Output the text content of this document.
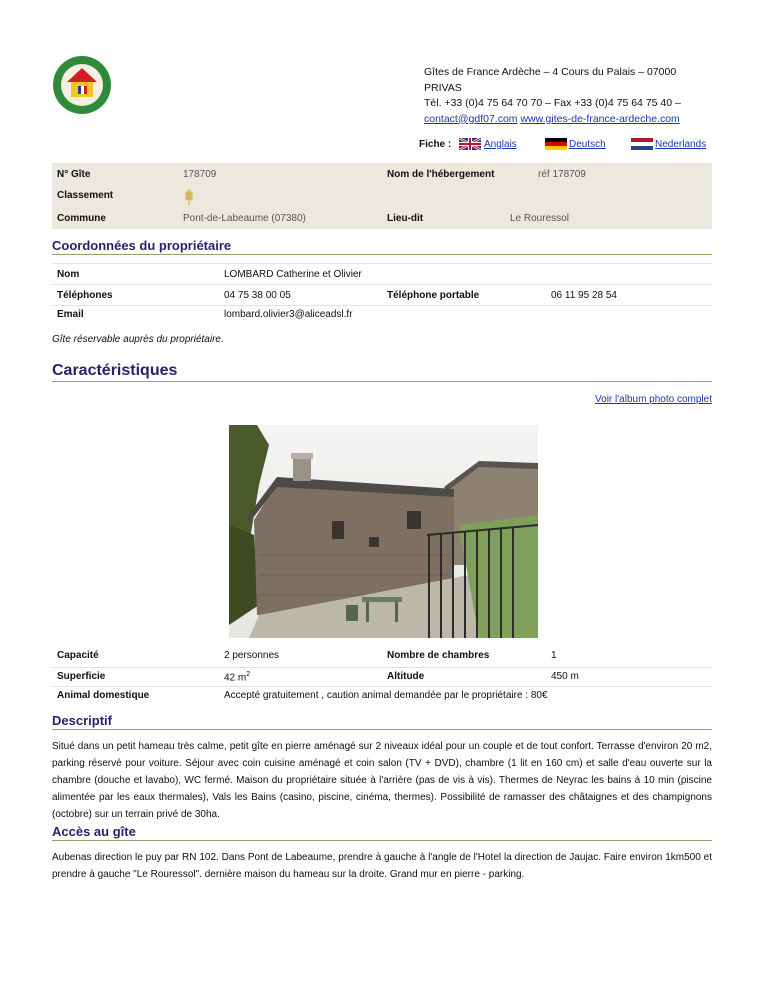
Gîtes de France Ardèche – 4 Cours du Palais – 07000
PRIVAS
Tél. +33 (0)4 75 64 70 70 – Fax +33 (0)4 75 64 75 40 –
contact@gdf07.com www.gites-de-france-ardeche.com
Fiche :	Anglais	Deutsch	Nederlands
N° Gîte	178709	Nom de l'hébergement	réf 178709
Classement
Commune	Pont-de-Labeaume (07380)	Lieu-dit	Le Rouressol
Coordonnées du propriétaire
Nom	LOMBARD Catherine et Olivier
Téléphones	04 75 38 00 05	Téléphone portable	06 11 95 28 54
Email	lombard.olivier3@aliceadsl.fr
Gîte réservable auprès du propriétaire.
Caractéristiques
Voir l'album photo complet
Capacité	2 personnes	Nombre de chambres	1
Superficie	42 $m^2$	Altitude	450 m
Animal domestique	Accepté gratuitement , caution animal demandée par le propriétaire : 80€
Descriptif
Situé dans un petit hameau très calme, petit gîte en pierre aménagé sur 2 niveaux idéal pour un couple et de tout confort. Terrasse d'environ 20 m2, parking réservé pour voiture. Séjour avec coin cuisine aménagé et coin salon (TV + DVD), chambre (1 lit en 160 cm) et salle d'eau ouverte sur la chambre (douche et lavabo), WC fermé. Maison du propriétaire située à l'arrière (pas de vis à vis). Thermes de Neyrac les bains à 10 min (piscine alimentée par les eaux thermales), Vals les Bains (casino, piscine, cinéma, thermes). Possibilité de ramasser des châtaignes et des champignons (octobre) sur un terrain privé de 30ha.
Accès au gîte
Aubenas direction le puy par RN 102. Dans Pont de Labeaume, prendre à gauche à l'angle de l'Hotel la direction de Jaujac. Faire environ 1km500 et prendre à gauche "Le Rouressol". dernière maison du hameau sur la droite. Grand mur en pierre - parking.
